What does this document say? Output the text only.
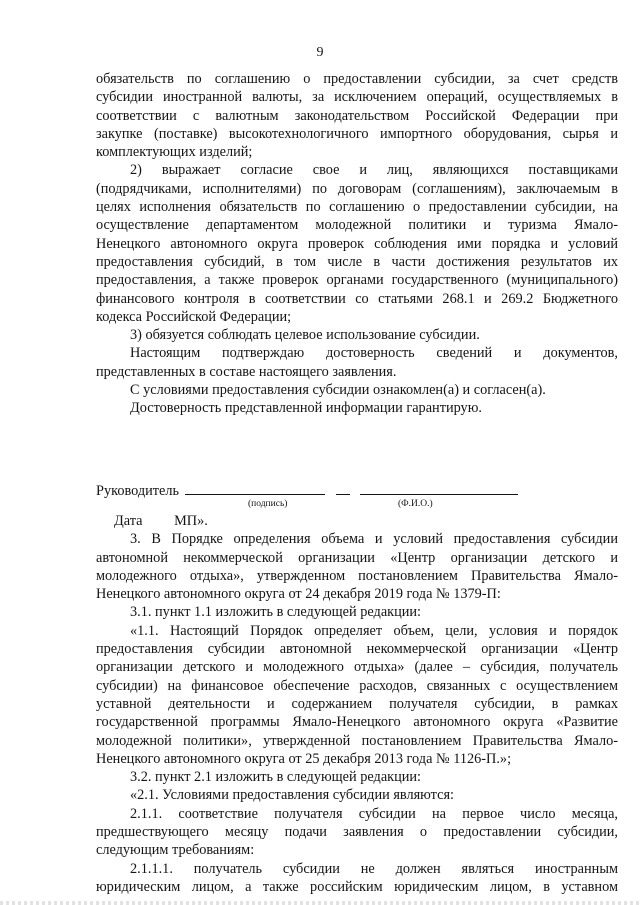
9
обязательств по соглашению о предоставлении субсидии, за счет средств
субсидии иностранной валюты, за исключением операций, осуществляемых в
соответствии с валютным законодательством Российской Федерации при
закупке (поставке) высокотехнологичного импортного оборудования, сырья и
комплектующих изделий;
2) выражает согласие свое и лиц, являющихся поставщиками
(подрядчиками, исполнителями) по договорам (соглашениям), заключаемым в
целях исполнения обязательств по соглашению о предоставлении субсидии, на
осуществление департаментом молодежной политики и туризма Ямало-
Ненецкого автономного округа проверок соблюдения ими порядка и условий
предоставления субсидий, в том числе в части достижения результатов их
предоставления, а также проверок органами государственного (муниципального)
финансового контроля в соответствии со статьями 268.1 и 269.2 Бюджетного
кодекса Российской Федерации;
3) обязуется соблюдать целевое использование субсидии.
Настоящим подтверждаю достоверность сведений и документов,
представленных в составе настоящего заявления.
С условиями предоставления субсидии ознакомлен(а) и согласен(а).
Достоверность представленной информации гарантирую.
Руководитель
(подпись)	(Ф.И.О.)
Дата МП».
3. В Порядке определения объема и условий предоставления субсидии
автономной некоммерческой организации «Центр организации детского и
молодежного отдыха», утвержденном постановлением Правительства Ямало-
Ненецкого автономного округа от 24 декабря 2019 года № 1379-П:
3.1. пункт 1.1 изложить в следующей редакции:
«1.1. Настоящий Порядок определяет объем, цели, условия и порядок
предоставления субсидии автономной некоммерческой организации «Центр
организации детского и молодежного отдыха» (далее – субсидия, получатель
субсидии) на финансовое обеспечение расходов, связанных с осуществлением
уставной деятельности и содержанием получателя субсидии, в рамках
государственной программы Ямало-Ненецкого автономного округа «Развитие
молодежной политики», утвержденной постановлением Правительства Ямало-
Ненецкого автономного округа от 25 декабря 2013 года № 1126-П.»;
3.2. пункт 2.1 изложить в следующей редакции:
«2.1. Условиями предоставления субсидии являются:
2.1.1. соответствие получателя субсидии на первое число месяца,
предшествующего месяцу подачи заявления о предоставлении субсидии,
следующим требованиям:
2.1.1.1. получатель субсидии не должен являться иностранным
юридическим лицом, а также российским юридическим лицом, в уставном
